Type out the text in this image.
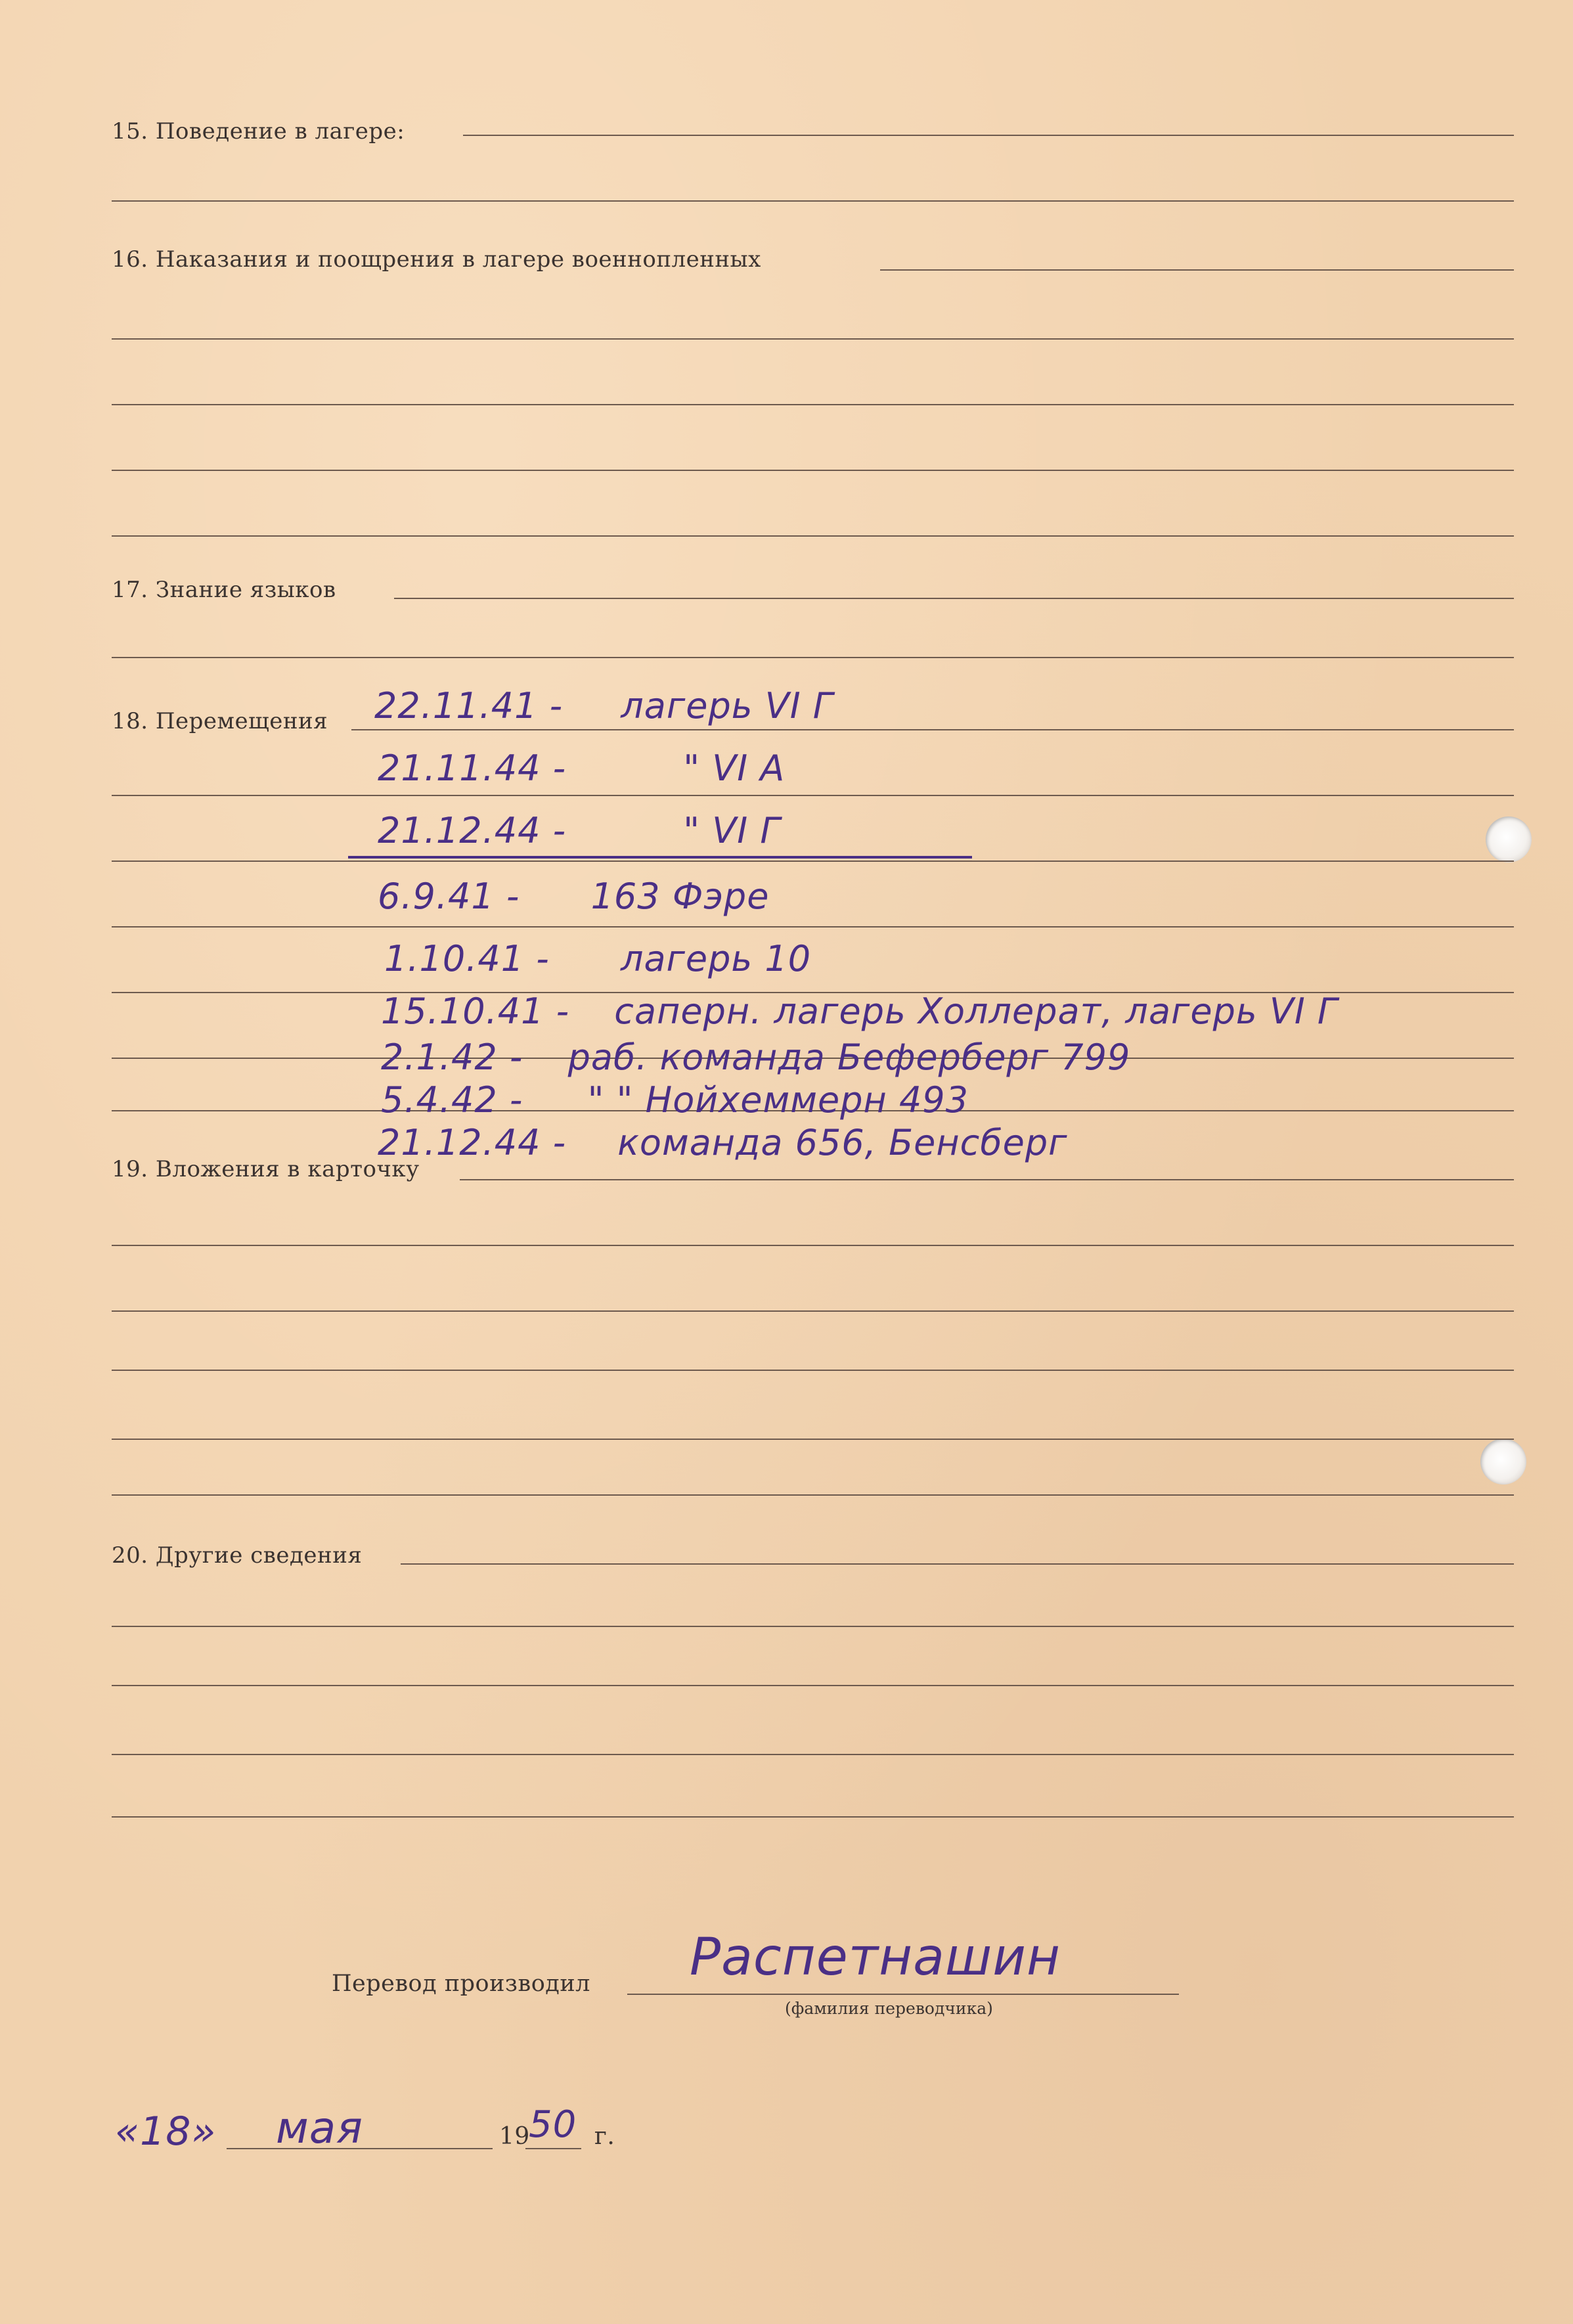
15. Поведение в лагере:
16. Наказания и поощрения в лагере военнопленных
17. Знание языков
18. Перемещения 22.11.41 - лагерь VI Г
21.11.44 -	" VI А
21.12.44 -	" VI Г
6.9.41 - 163 Фэре
1.10.41 - лагерь 10
15.10.41 - саперн. лагерь Холлерат, лагерь VI Г
2.1.42 - раб. команда Беферберг 799
5.4.42 - " " Нойхеммерн 493
21.12.44 - команда 656, Бенсберг
19. Вложения в карточку
20. Другие сведения
Перевод производил Распетнашин
(фамилия переводчика)
«18» мая	19
50 г.
